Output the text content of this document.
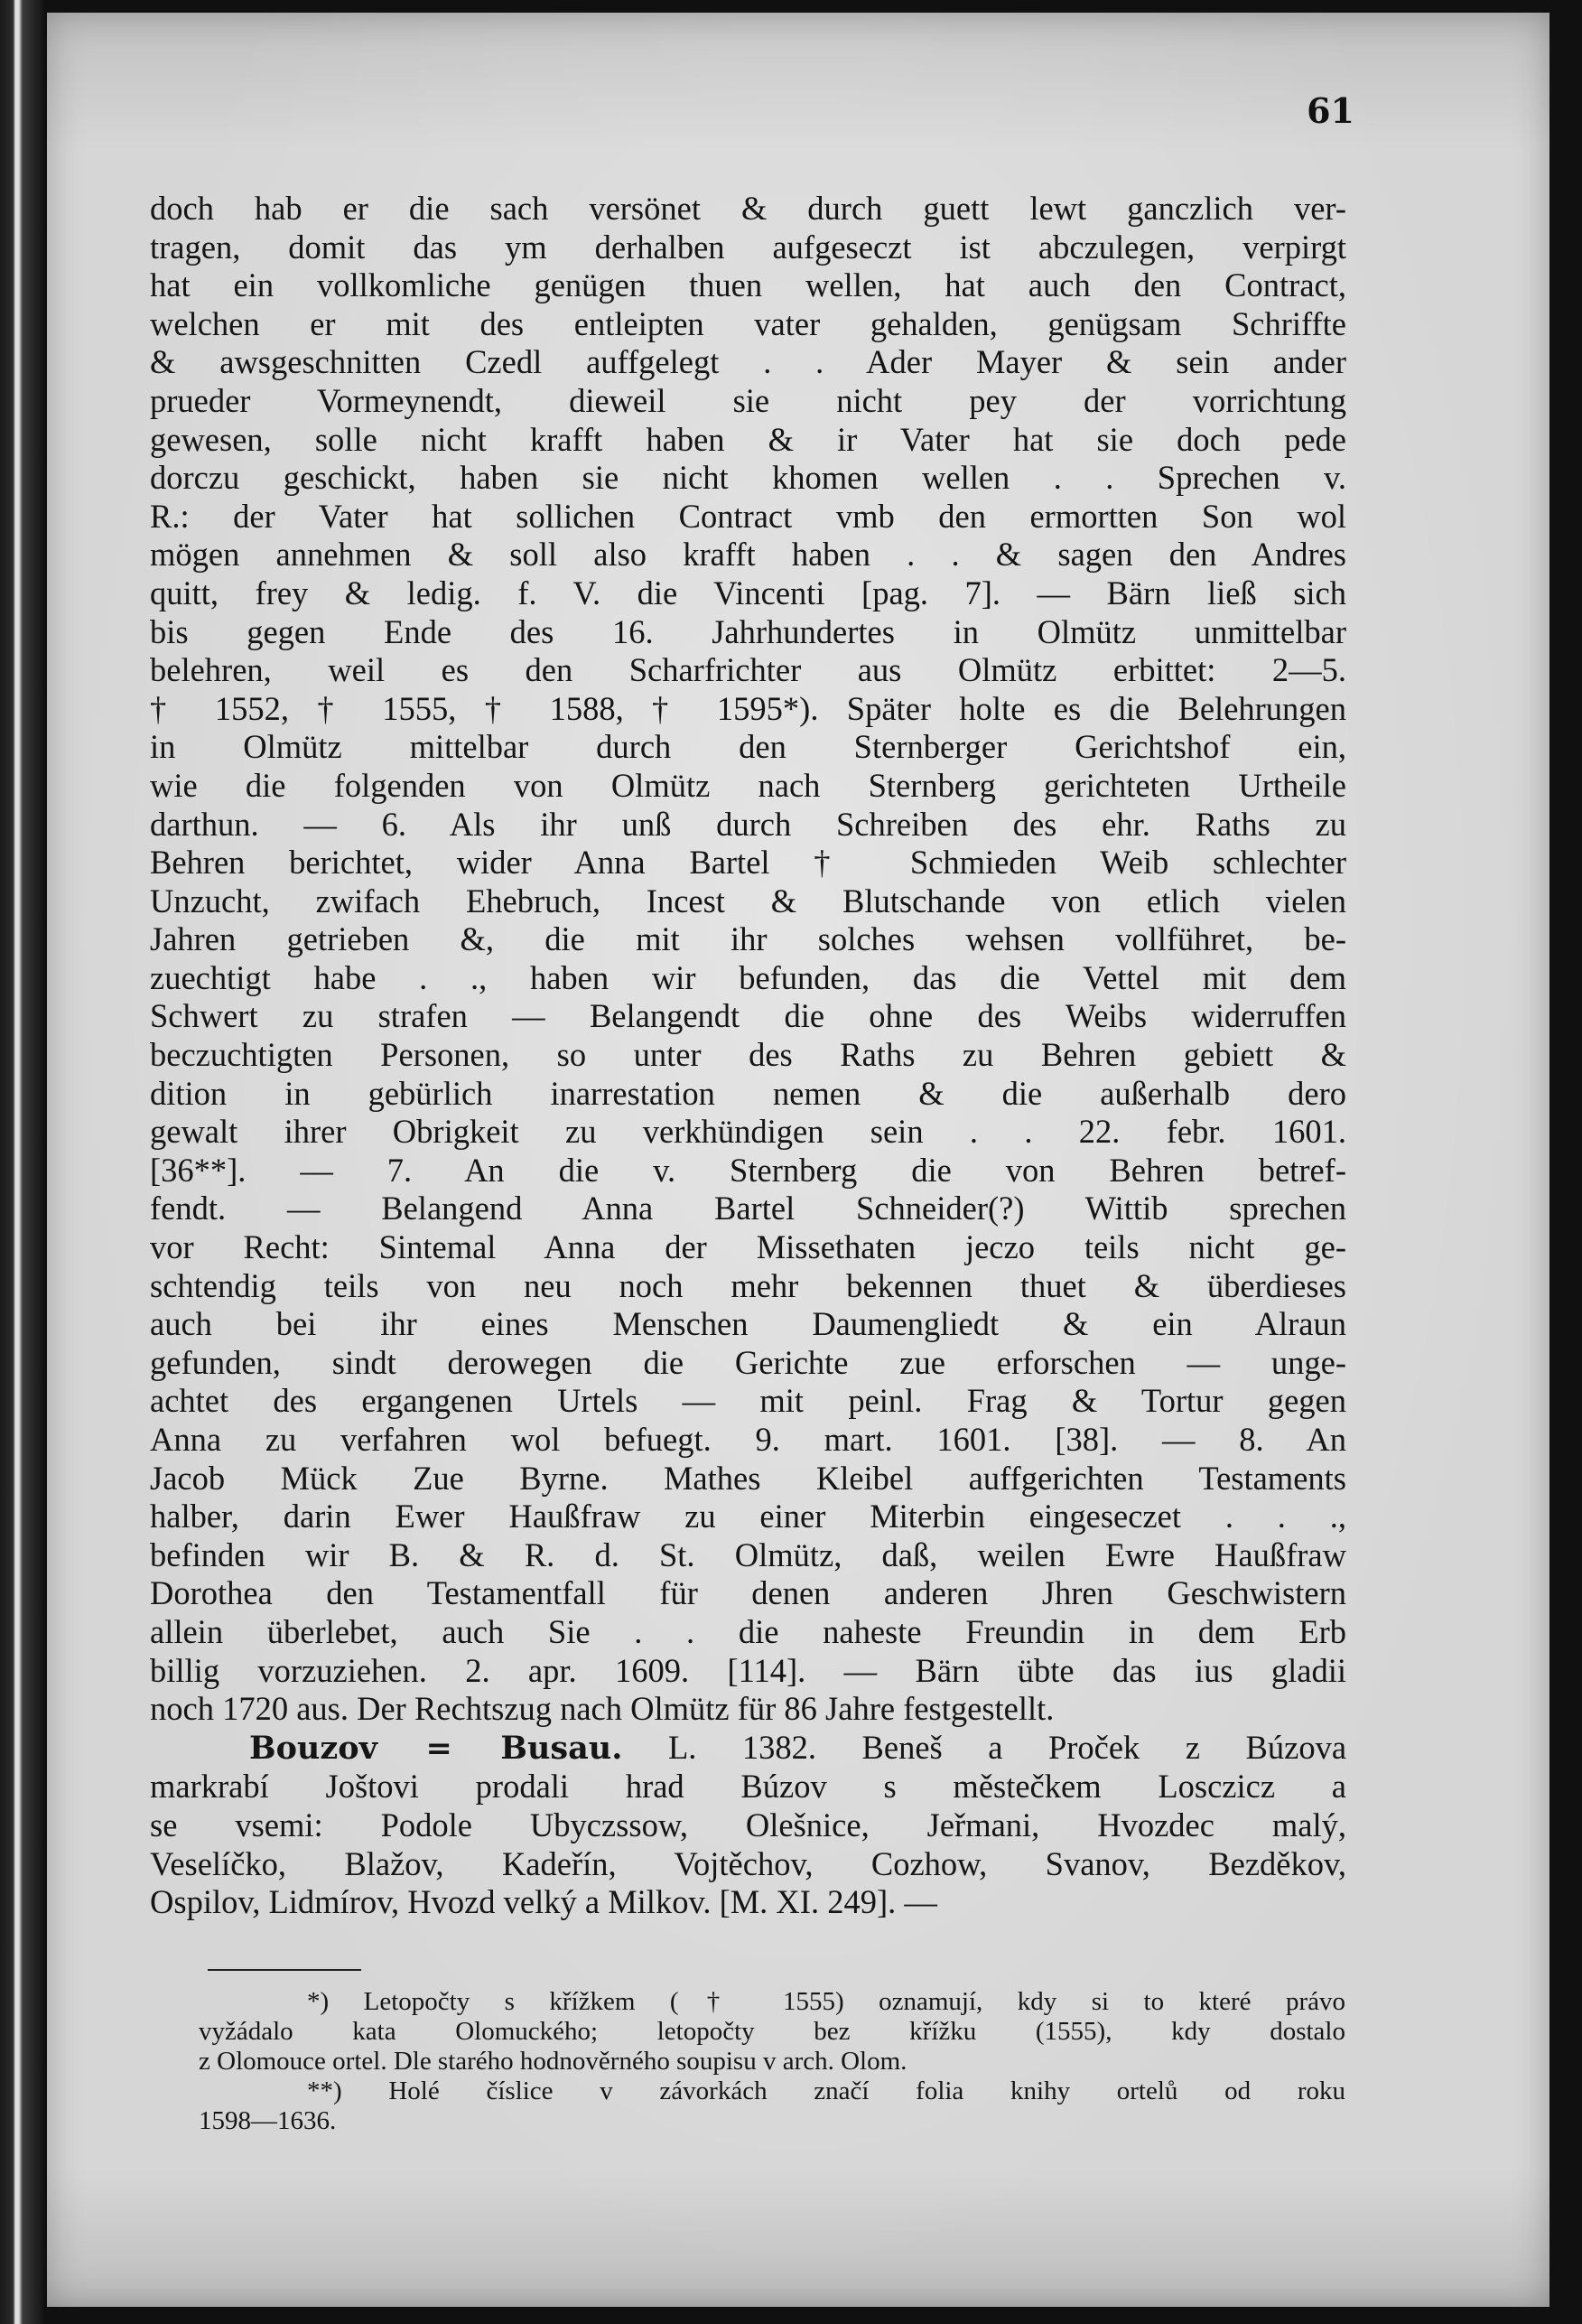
61
doch hab er die sach versönet & durch guett lewt ganczlich ver-
tragen, domit das ym derhalben aufgeseczt ist abczulegen, verpirgt
hat ein vollkomliche genügen thuen wellen, hat auch den Contract,
welchen er mit des entleipten vater gehalden, genügsam Schriffte
& awsgeschnitten Czedl auffgelegt . . Ader Mayer & sein ander
prueder Vormeynendt, dieweil sie nicht pey der vorrichtung
gewesen, solle nicht krafft haben & ir Vater hat sie doch pede
dorczu geschickt, haben sie nicht khomen wellen . . Sprechen v.
R.: der Vater hat sollichen Contract vmb den ermortten Son wol
mögen annehmen & soll also krafft haben . . & sagen den Andres
quitt, frey & ledig. f. V. die Vincenti [pag. 7]. — Bärn ließ sich
bis gegen Ende des 16. Jahrhundertes in Olmütz unmittelbar
belehren, weil es den Scharfrichter aus Olmütz erbittet: 2—5.
† 1552, † 1555, † 1588, † 1595*). Später holte es die Belehrungen
in Olmütz mittelbar durch den Sternberger Gerichtshof ein,
wie die folgenden von Olmütz nach Sternberg gerichteten Urtheile
darthun. — 6. Als ihr unß durch Schreiben des ehr. Raths zu
Behren berichtet, wider Anna Bartel † Schmieden Weib schlechter
Unzucht, zwifach Ehebruch, Incest & Blutschande von etlich vielen
Jahren getrieben &, die mit ihr solches wehsen vollführet, be-
zuechtigt habe . ., haben wir befunden, das die Vettel mit dem
Schwert zu strafen — Belangendt die ohne des Weibs widerruffen
beczuchtigten Personen, so unter des Raths zu Behren gebiett &
dition in gebürlich inarrestation nemen & die außerhalb dero
gewalt ihrer Obrigkeit zu verkhündigen sein . . 22. febr. 1601.
[36**]. — 7. An die v. Sternberg die von Behren betref-
fendt. — Belangend Anna Bartel Schneider(?) Wittib sprechen
vor Recht: Sintemal Anna der Missethaten jeczo teils nicht ge-
schtendig teils von neu noch mehr bekennen thuet & überdieses
auch bei ihr eines Menschen Daumengliedt & ein Alraun
gefunden, sindt derowegen die Gerichte zue erforschen — unge-
achtet des ergangenen Urtels — mit peinl. Frag & Tortur gegen
Anna zu verfahren wol befuegt. 9. mart. 1601. [38]. — 8. An
Jacob Mück Zue Byrne. Mathes Kleibel auffgerichten Testaments
halber, darin Ewer Haußfraw zu einer Miterbin eingeseczet . . .,
befinden wir B. & R. d. St. Olmütz, daß, weilen Ewre Haußfraw
Dorothea den Testamentfall für denen anderen Jhren Geschwistern
allein überlebet, auch Sie . . die naheste Freundin in dem Erb
billig vorzuziehen. 2. apr. 1609. [114]. — Bärn übte das ius gladii
noch 1720 aus. Der Rechtszug nach Olmütz für 86 Jahre festgestellt.
Bouzov = Busau. L. 1382. Beneš a Proček z Búzova
markrabí Joštovi prodali hrad Búzov s městečkem Losczicz a
se vsemi: Podole Ubyczssow, Olešnice, Jeřmani, Hvozdec malý,
Veselíčko, Blažov, Kadeřín, Vojtěchov, Cozhow, Svanov, Bezděkov,
Ospilov, Lidmírov, Hvozd velký a Milkov. [M. XI. 249]. —
*) Letopočty s křížkem († 1555) oznamují, kdy si to které právo
vyžádalo kata Olomuckého; letopočty bez křížku (1555), kdy dostalo
z Olomouce ortel. Dle starého hodnověrného soupisu v arch. Olom.
**) Holé číslice v závorkách značí folia knihy ortelů od roku
1598—1636.
